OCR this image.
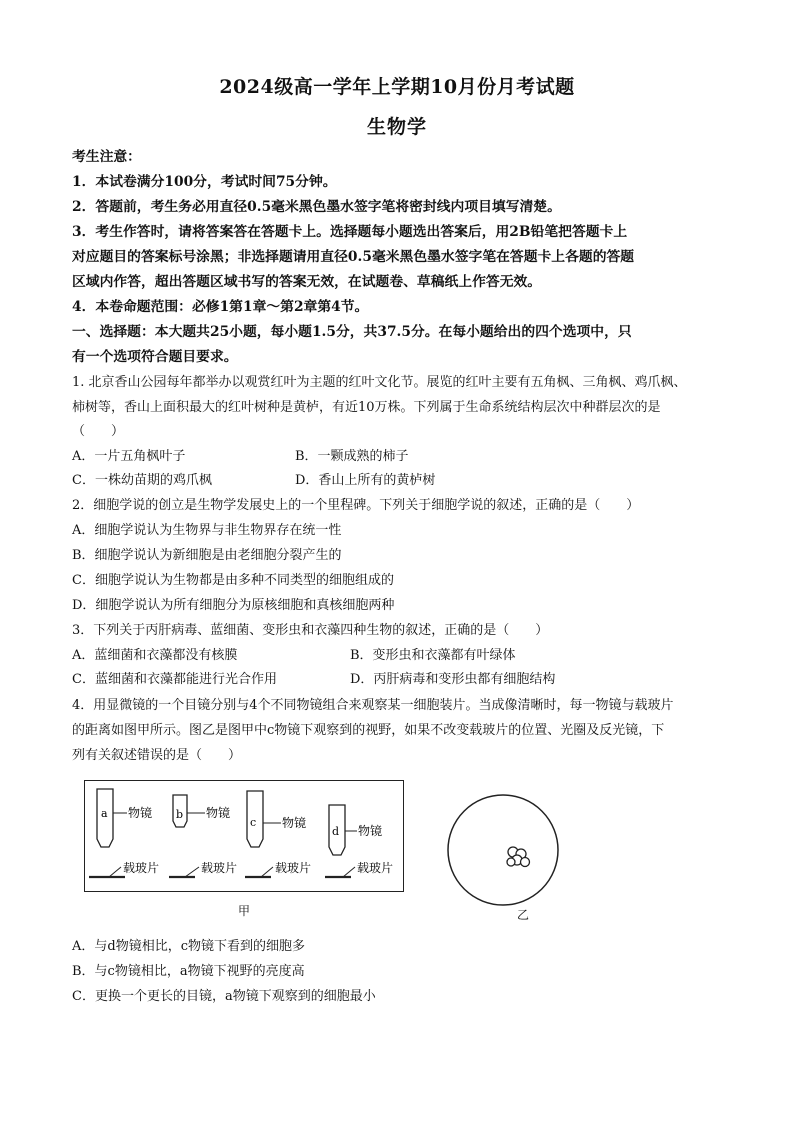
2024级高一学年上学期10月份月考试题
生物学
考生注意：
1．本试卷满分100分，考试时间75分钟。
2．答题前，考生务必用直径0.5毫米黑色墨水签字笔将密封线内项目填写清楚。
3．考生作答时，请将答案答在答题卡上。选择题每小题选出答案后，用2B铅笔把答题卡上
对应题目的答案标号涂黑；非选择题请用直径0.5毫米黑色墨水签字笔在答题卡上各题的答题
区域内作答，超出答题区域书写的答案无效，在试题卷、草稿纸上作答无效。
4．本卷命题范围：必修1第1章～第2章第4节。
一、选择题：本大题共25小题，每小题1.5分，共37.5分。在每小题给出的四个选项中，只
有一个选项符合题目要求。
1. 北京香山公园每年都举办以观赏红叶为主题的红叶文化节。展览的红叶主要有五角枫、三角枫、鸡爪枫、
柿树等，香山上面积最大的红叶树种是黄栌，有近10万株。下列属于生命系统结构层次中种群层次的是
（　　）
A．一片五角枫叶子	B．一颗成熟的柿子
C．一株幼苗期的鸡爪枫	D．香山上所有的黄栌树
2．细胞学说的创立是生物学发展史上的一个里程碑。下列关于细胞学说的叙述，正确的是（　　）
A．细胞学说认为生物界与非生物界存在统一性
B．细胞学说认为新细胞是由老细胞分裂产生的
C．细胞学说认为生物都是由多种不同类型的细胞组成的
D．细胞学说认为所有细胞分为原核细胞和真核细胞两种
3．下列关于丙肝病毒、蓝细菌、变形虫和衣藻四种生物的叙述，正确的是（　　）
A．蓝细菌和衣藻都没有核膜	B．变形虫和衣藻都有叶绿体
C．蓝细菌和衣藻都能进行光合作用	D．丙肝病毒和变形虫都有细胞结构
4．用显微镜的一个目镜分别与4个不同物镜组合来观察某一细胞装片。当成像清晰时，每一物镜与载玻片
的距离如图甲所示。图乙是图甲中c物镜下观察到的视野，如果不改变载玻片的位置、光圈及反光镜，下
列有关叙述错误的是（　　）
a 物镜 b 物镜
c 物镜
d 物镜
载玻片	载玻片	载玻片	载玻片
甲	乙
A．与d物镜相比，c物镜下看到的细胞多
B．与c物镜相比，a物镜下视野的亮度高
C．更换一个更长的目镜，a物镜下观察到的细胞最小
